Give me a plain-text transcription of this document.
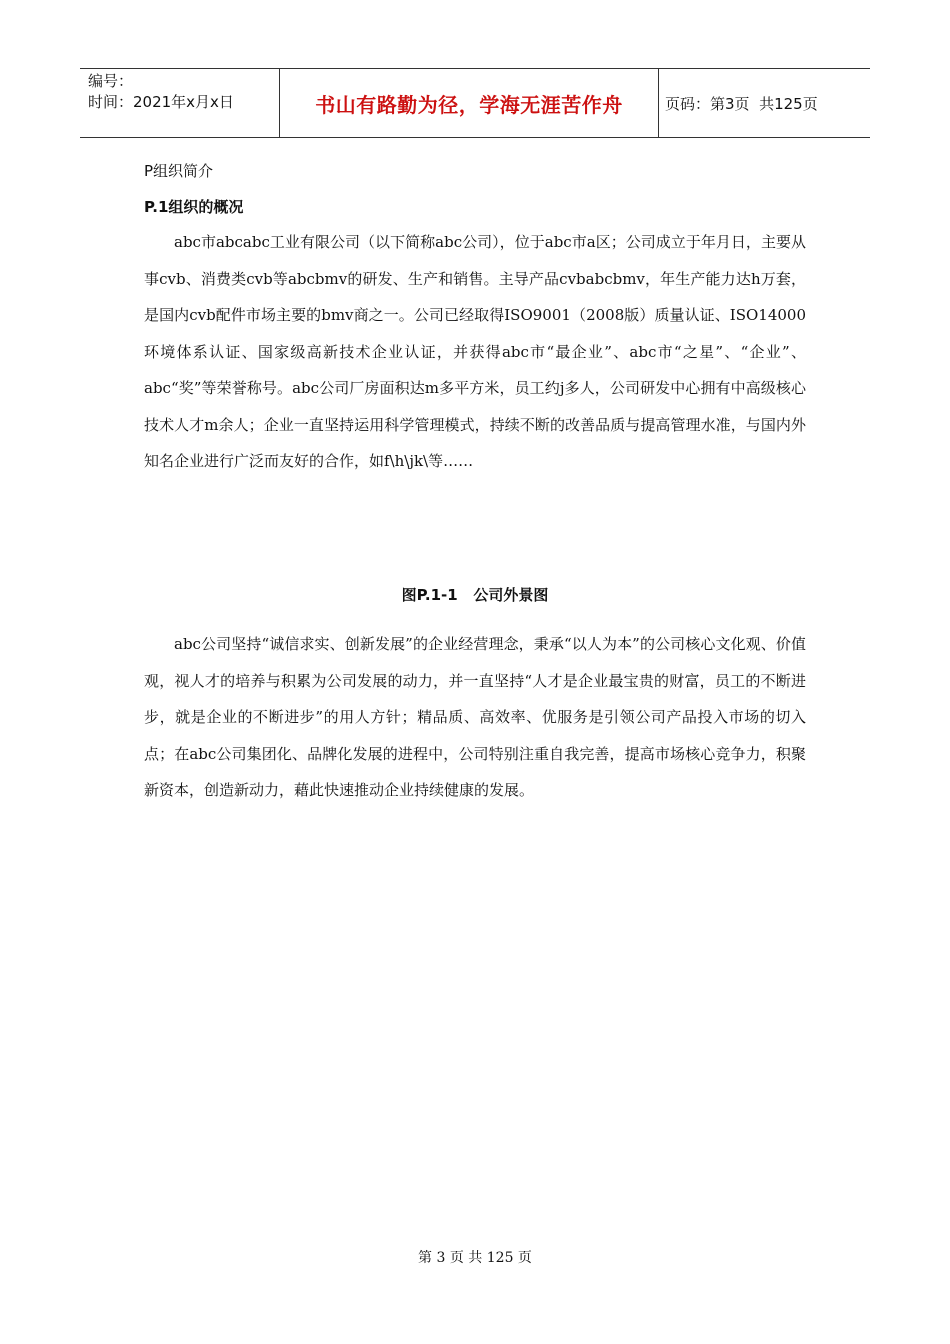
编号：
时间：2021年x月x日	书山有路勤为径，学海无涯苦作舟	页码：第3页  共125页
P组织简介
P.1组织的概况

abc市abcabc工业有限公司（以下简称abc公司），位于abc市a区；公司成立于年月日，主要从事cvb、消费类cvb等abcbmv的研发、生产和销售。主导产品cvbabcbmv，年生产能力达h万套，是国内cvb配件市场主要的bmv商之一。公司已经取得ISO9001（2008版）质量认证、ISO14000环境体系认证、国家级高新技术企业认证，并获得abc市“最企业”、abc市“之星”、“企业”、abc“奖”等荣誉称号。abc公司厂房面积达m多平方米，员工约j多人，公司研发中心拥有中高级核心技术人才m余人；企业一直坚持运用科学管理模式，持续不断的改善品质与提高管理水准，与国内外知名企业进行广泛而友好的合作，如f\h\jk\等……

图P.1-1   公司外景图

abc公司坚持“诚信求实、创新发展”的企业经营理念，秉承“以人为本”的公司核心文化观、价值观，视人才的培养与积累为公司发展的动力，并一直坚持“人才是企业最宝贵的财富，员工的不断进步，就是企业的不断进步”的用人方针；精品质、高效率、优服务是引领公司产品投入市场的切入点；在abc公司集团化、品牌化发展的进程中，公司特别注重自我完善，提高市场核心竞争力，积聚新资本，创造新动力，藉此快速推动企业持续健康的发展。

第 3 页 共 125 页
